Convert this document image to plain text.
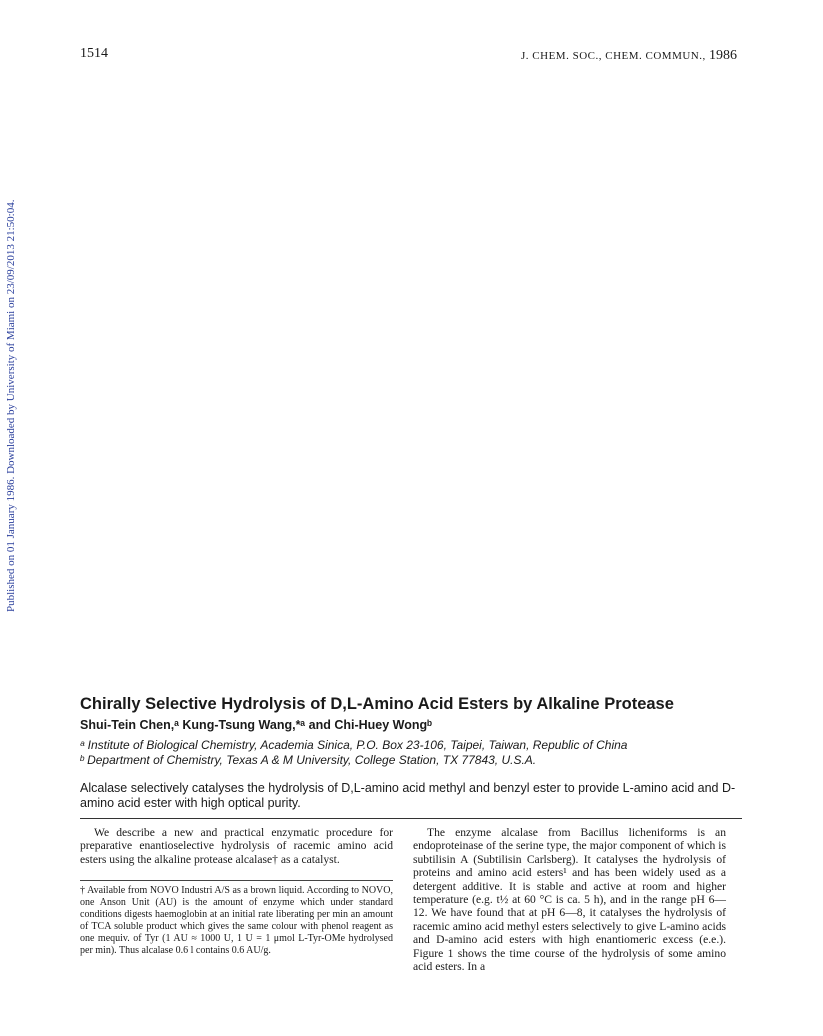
1514	J. CHEM. SOC., CHEM. COMMUN., 1986
Published on 01 January 1986. Downloaded by University of Miami on 23/09/2013 21:50:04.
Chirally Selective Hydrolysis of D,L-Amino Acid Esters by Alkaline Protease
Shui-Tein Chen,ᵃ Kung-Tsung Wang,*ᵃ and Chi-Huey Wongᵇ
ᵃ Institute of Biological Chemistry, Academia Sinica, P.O. Box 23-106, Taipei, Taiwan, Republic of China
ᵇ Department of Chemistry, Texas A & M University, College Station, TX 77843, U.S.A.
Alcalase selectively catalyses the hydrolysis of D,L-amino acid methyl and benzyl ester to provide L-amino acid and D-amino acid ester with high optical purity.

We describe a new and practical enzymatic procedure for preparative enantioselective hydrolysis of racemic amino acid esters using the alkaline protease alcalase† as a catalyst.

† Available from NOVO Industri A/S as a brown liquid. According to NOVO, one Anson Unit (AU) is the amount of enzyme which under standard conditions digests haemoglobin at an initial rate liberating per min an amount of TCA soluble product which gives the same colour with phenol reagent as one mequiv. of Tyr (1 AU ≈ 1000 U, 1 U = 1 μmol L-Tyr-OMe hydrolysed per min). Thus alcalase 0.6 l contains 0.6 AU/g.

The enzyme alcalase from Bacillus licheniforms is an endoproteinase of the serine type, the major component of which is subtilisin A (Subtilisin Carlsberg). It catalyses the hydrolysis of proteins and amino acid esters¹ and has been widely used as a detergent additive. It is stable and active at room and higher temperature (e.g. t½ at 60 °C is ca. 5 h), and in the range pH 6—12. We have found that at pH 6—8, it catalyses the hydrolysis of racemic amino acid methyl esters selectively to give L-amino acids and D-amino acid esters with high enantiomeric excess (e.e.). Figure 1 shows the time course of the hydrolysis of some amino acid esters. In a
